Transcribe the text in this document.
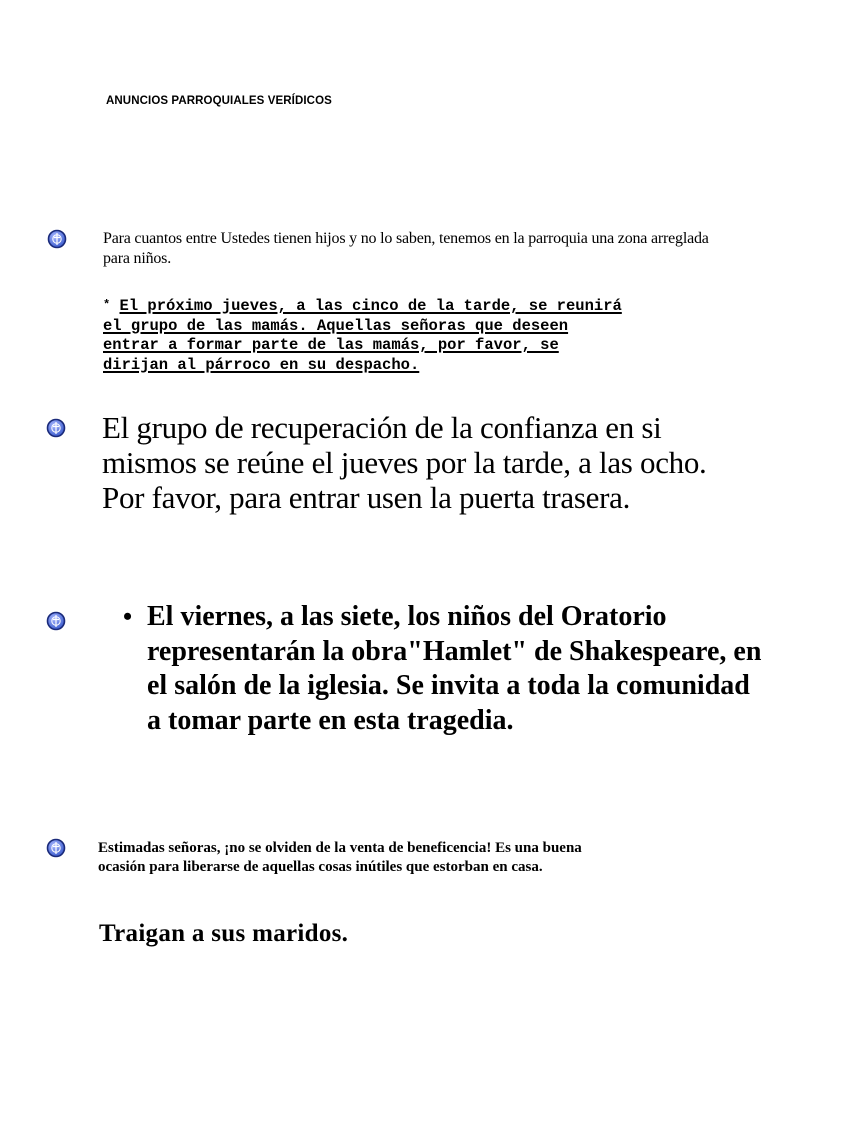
ANUNCIOS PARROQUIALES VERÍDICOS
Para cuantos entre Ustedes tienen hijos y no lo saben, tenemos en la parroquia una zona arreglada para niños.
* El próximo jueves, a las cinco de la tarde, se reunirá
el grupo de las mamás. Aquellas señoras que deseen
entrar a formar parte de las mamás, por favor, se
dirijan al párroco en su despacho.
El grupo de recuperación de la confianza en si mismos se reúne el jueves por la tarde, a las ocho. Por favor, para entrar usen la puerta trasera.
• El viernes, a las siete, los niños del Oratorio representarán la obra"Hamlet" de Shakespeare, en el salón de la iglesia. Se invita a toda la comunidad a tomar parte en esta tragedia.
Estimadas señoras, ¡no se olviden de la venta de beneficencia! Es una buena ocasión para liberarse de aquellas cosas inútiles que estorban en casa.
Traigan a sus maridos.
